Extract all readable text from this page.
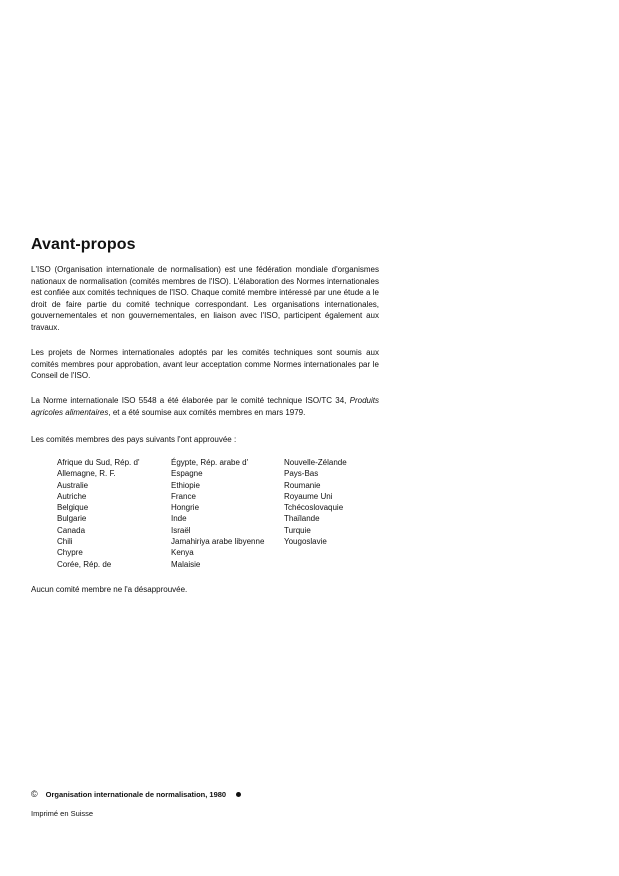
Avant-propos
L'ISO (Organisation internationale de normalisation) est une fédération mondiale d'organismes nationaux de normalisation (comités membres de l'ISO). L'élaboration des Normes internationales est confiée aux comités techniques de l'ISO. Chaque comité membre intéressé par une étude a le droit de faire partie du comité technique correspondant. Les organisations internationales, gouvernementales et non gouvernementales, en liaison avec l'ISO, participent également aux travaux.
Les projets de Normes internationales adoptés par les comités techniques sont soumis aux comités membres pour approbation, avant leur acceptation comme Normes internationales par le Conseil de l'ISO.
La Norme internationale ISO 5548 a été élaborée par le comité technique ISO/TC 34, Produits agricoles alimentaires, et a été soumise aux comités membres en mars 1979.
Les comités membres des pays suivants l'ont approuvée :
Afrique du Sud, Rép. d'
Allemagne, R. F.
Australie
Autriche
Belgique
Bulgarie
Canada
Chili
Chypre
Corée, Rép. de
Égypte, Rép. arabe d'
Espagne
Ethiopie
France
Hongrie
Inde
Israël
Jamahiriya arabe libyenne
Kenya
Malaisie
Nouvelle-Zélande
Pays-Bas
Roumanie
Royaume Uni
Tchécoslovaquie
Thaïlande
Turquie
Yougoslavie
Aucun comité membre ne l'a désapprouvée.
© Organisation internationale de normalisation, 1980
Imprimé en Suisse
